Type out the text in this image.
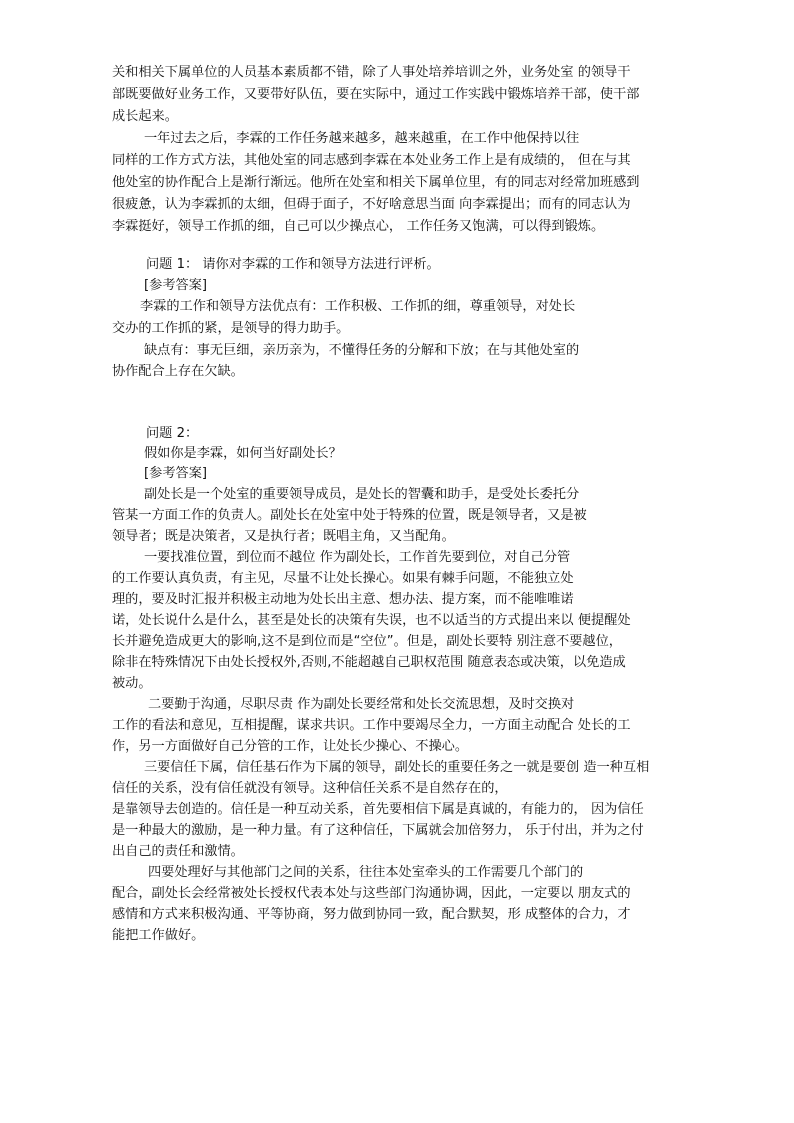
关和相关下属单位的人员基本素质都不错，除了人事处培养培训之外，业务处室 的领导干
部既要做好业务工作，又要带好队伍，要在实际中，通过工作实践中锻炼培养干部，使干部
成长起来。
一年过去之后，李霖的工作任务越来越多，越来越重，在工作中他保持以往
同样的工作方式方法，其他处室的同志感到李霖在本处业务工作上是有成绩的， 但在与其
他处室的协作配合上是渐行渐远。他所在处室和相关下属单位里，有的同志对经常加班感到
很疲惫，认为李霖抓的太细，但碍于面子，不好啥意思当面 向李霖提出；而有的同志认为
李霖挺好，领导工作抓的细，自己可以少操点心， 工作任务又饱满，可以得到锻炼。
问题 1： 请你对李霖的工作和领导方法进行评析。
[参考答案]
李霖的工作和领导方法优点有：工作积极、工作抓的细，尊重领导，对处长
交办的工作抓的紧，是领导的得力助手。
缺点有：事无巨细，亲历亲为，不懂得任务的分解和下放；在与其他处室的
协作配合上存在欠缺。
问题 2：
假如你是李霖，如何当好副处长？
[参考答案]
副处长是一个处室的重要领导成员，是处长的智囊和助手，是受处长委托分
管某一方面工作的负责人。副处长在处室中处于特殊的位置，既是领导者，又是被
领导者；既是决策者，又是执行者；既唱主角，又当配角。
一要找准位置，到位而不越位 作为副处长，工作首先要到位，对自己分管
的工作要认真负责，有主见，尽量不让处长操心。如果有棘手问题，不能独立处
理的，要及时汇报并积极主动地为处长出主意、想办法、提方案，而不能唯唯诺
诺，处长说什么是什么，甚至是处长的决策有失误，也不以适当的方式提出来以 便提醒处
长并避免造成更大的影响,这不是到位而是“空位”。但是，副处长要特 别注意不要越位，
除非在特殊情况下由处长授权外,否则,不能超越自己职权范围 随意表态或决策，以免造成
被动。
二要勤于沟通，尽职尽责 作为副处长要经常和处长交流思想，及时交换对
工作的看法和意见，互相提醒，谋求共识。工作中要竭尽全力，一方面主动配合 处长的工
作，另一方面做好自己分管的工作，让处长少操心、不操心。
三要信任下属，信任基石作为下属的领导，副处长的重要任务之一就是要创 造一种互相
信任的关系，没有信任就没有领导。这种信任关系不是自然存在的，
是靠领导去创造的。信任是一种互动关系，首先要相信下属是真诚的，有能力的， 因为信任
是一种最大的激励，是一种力量。有了这种信任，下属就会加倍努力， 乐于付出，并为之付
出自己的责任和激情。
四要处理好与其他部门之间的关系，往往本处室牵头的工作需要几个部门的
配合，副处长会经常被处长授权代表本处与这些部门沟通协调，因此，一定要以 朋友式的
感情和方式来积极沟通、平等协商，努力做到协同一致，配合默契，形 成整体的合力，才
能把工作做好。
